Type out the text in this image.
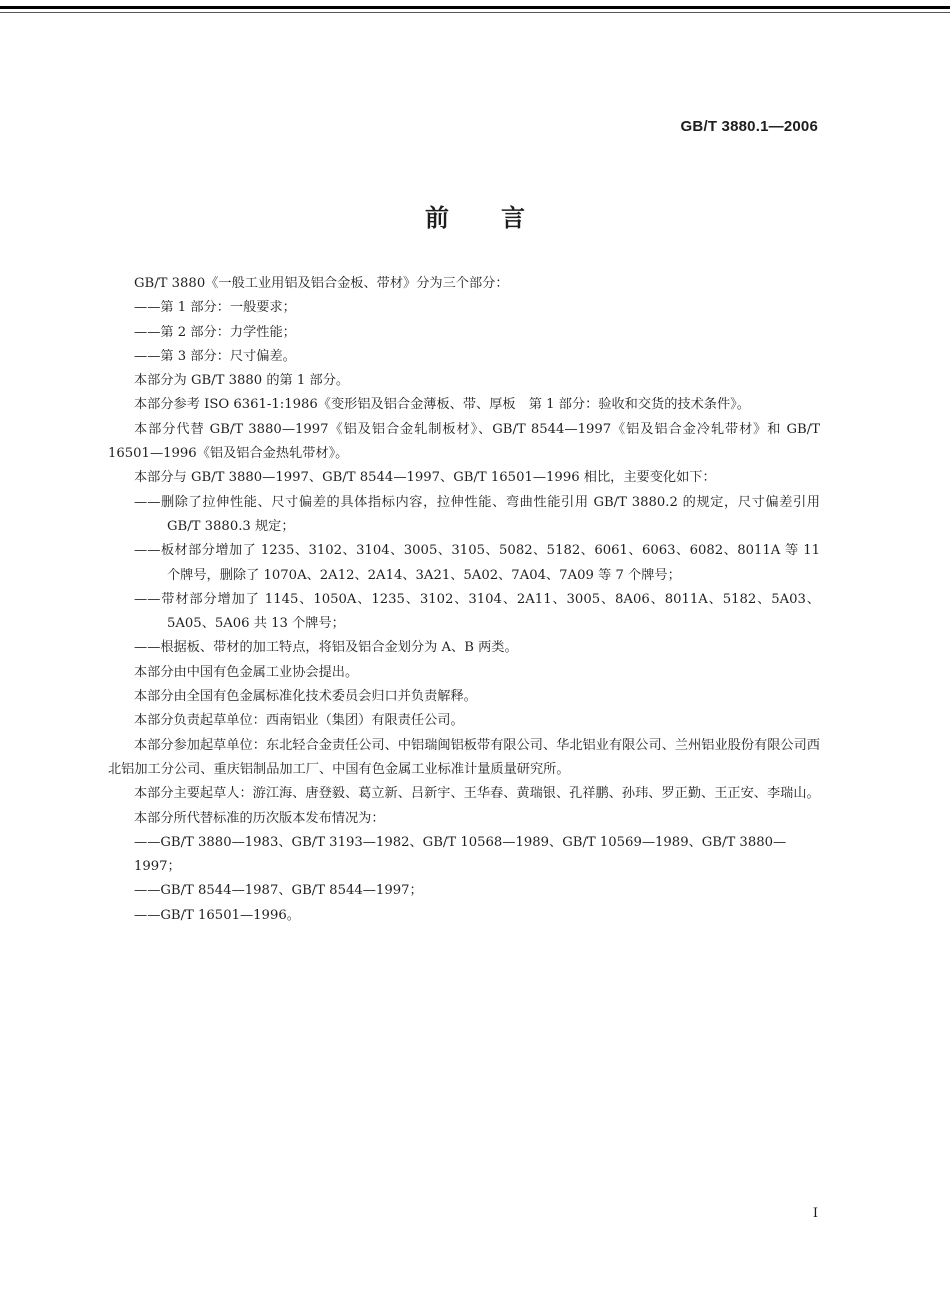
GB/T 3880.1—2006
前言

GB/T 3880《一般工业用铝及铝合金板、带材》分为三个部分：

——第 1 部分：一般要求；

——第 2 部分：力学性能；

——第 3 部分：尺寸偏差。

本部分为 GB/T 3880 的第 1 部分。

本部分参考 ISO 6361-1:1986《变形铝及铝合金薄板、带、厚板　第 1 部分：验收和交货的技术条件》。

本部分代替 GB/T 3880—1997《铝及铝合金轧制板材》、GB/T 8544—1997《铝及铝合金冷轧带材》和 GB/T 16501—1996《铝及铝合金热轧带材》。

本部分与 GB/T 3880—1997、GB/T 8544—1997、GB/T 16501—1996 相比，主要变化如下：

——删除了拉伸性能、尺寸偏差的具体指标内容，拉伸性能、弯曲性能引用 GB/T 3880.2 的规定，尺寸偏差引用 GB/T 3880.3 规定；

——板材部分增加了 1235、3102、3104、3005、3105、5082、5182、6061、6063、6082、8011A 等 11 个牌号，删除了 1070A、2A12、2A14、3A21、5A02、7A04、7A09 等 7 个牌号；

——带材部分增加了 1145、1050A、1235、3102、3104、2A11、3005、8A06、8011A、5182、5A03、5A05、5A06 共 13 个牌号；

——根据板、带材的加工特点，将铝及铝合金划分为 A、B 两类。

本部分由中国有色金属工业协会提出。

本部分由全国有色金属标准化技术委员会归口并负责解释。

本部分负责起草单位：西南铝业（集团）有限责任公司。

本部分参加起草单位：东北轻合金责任公司、中铝瑞闽铝板带有限公司、华北铝业有限公司、兰州铝业股份有限公司西北铝加工分公司、重庆铝制品加工厂、中国有色金属工业标准计量质量研究所。

本部分主要起草人：游江海、唐登毅、葛立新、吕新宇、王华春、黄瑞银、孔祥鹏、孙玮、罗正勤、王正安、李瑞山。

本部分所代替标准的历次版本发布情况为：

——GB/T 3880—1983、GB/T 3193—1982、GB/T 10568—1989、GB/T 10569—1989、GB/T 3880—1997；

——GB/T 8544—1987、GB/T 8544—1997；

——GB/T 16501—1996。

I
